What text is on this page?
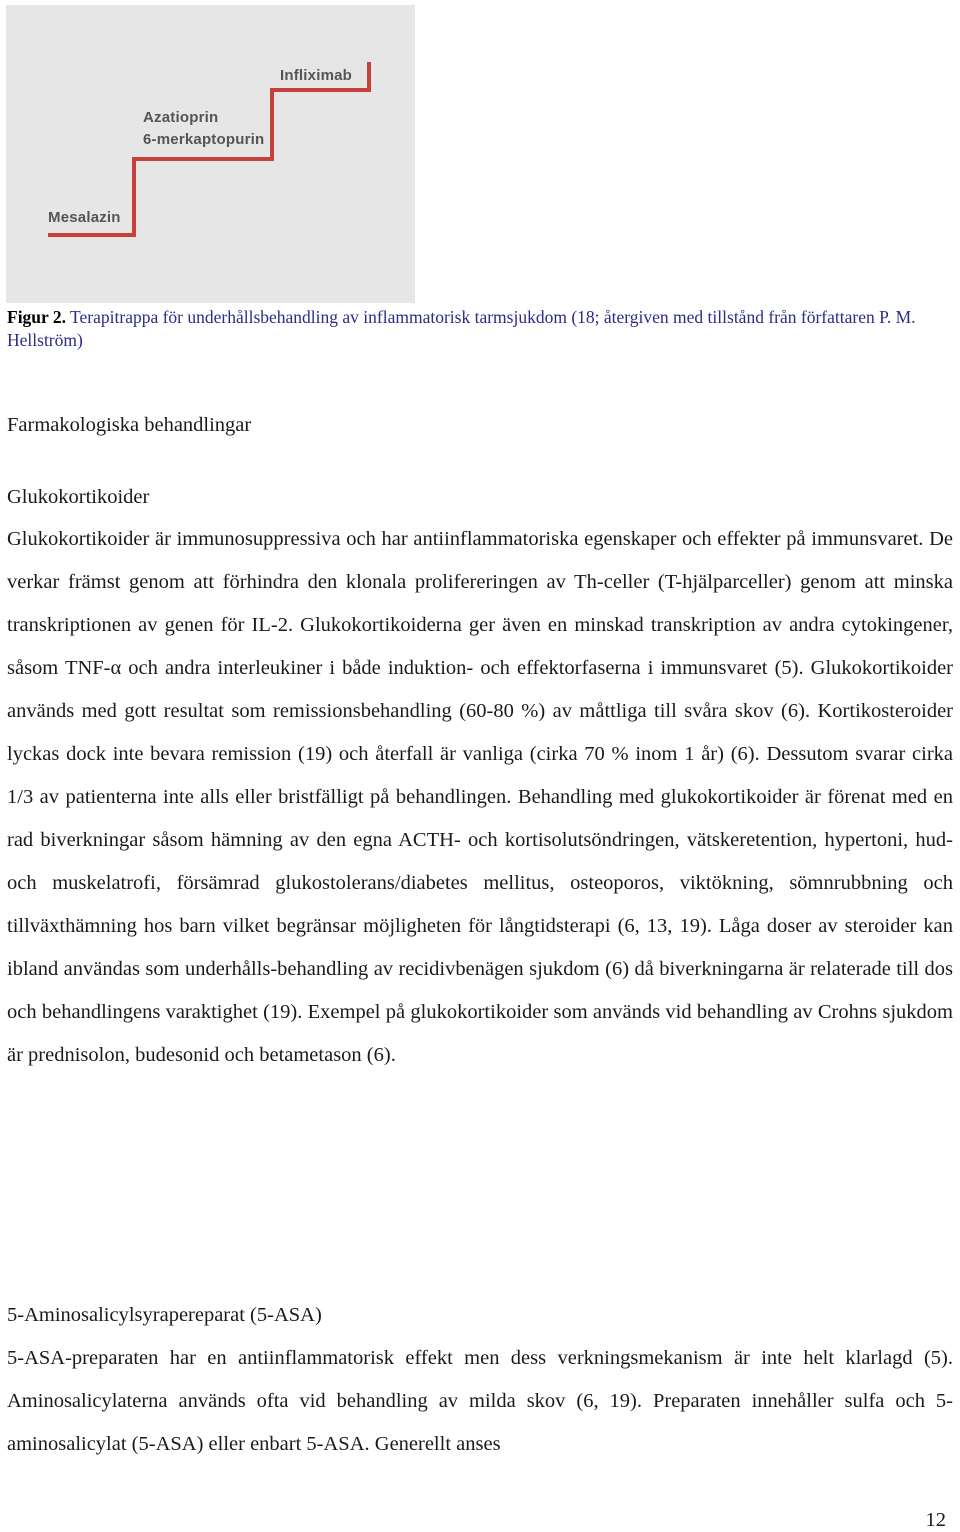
Infliximab
Azatioprin
6-merkaptopurin
Mesalazin
Figur 2. Terapitrappa för underhållsbehandling av inflammatorisk tarmsjukdom (18; återgiven med tillstånd från författaren P. M. Hellström)
Farmakologiska behandlingar
Glukokortikoider

Glukokortikoider är immunosuppressiva och har antiinflammatoriska egenskaper och effekter på immunsvaret. De verkar främst genom att förhindra den klonala prolifereringen av Th-celler (T-hjälparceller) genom att minska transkriptionen av genen för IL-2. Glukokortikoiderna ger även en minskad transkription av andra cytokingener, såsom TNF-α och andra interleukiner i både induktion- och effektorfaserna i immunsvaret (5). Glukokortikoider används med gott resultat som remissionsbehandling (60-80 %) av måttliga till svåra skov (6). Kortikosteroider lyckas dock inte bevara remission (19) och återfall är vanliga (cirka 70 % inom 1 år) (6). Dessutom svarar cirka 1/3 av patienterna inte alls eller bristfälligt på behandlingen. Behandling med glukokortikoider är förenat med en rad biverkningar såsom hämning av den egna ACTH- och kortisolutsöndringen, vätskeretention, hypertoni, hud- och muskelatrofi, försämrad glukostolerans/diabetes mellitus, osteoporos, viktökning, sömnrubbning och tillväxthämning hos barn vilket begränsar möjligheten för långtidsterapi (6, 13, 19). Låga doser av steroider kan ibland användas som underhålls-behandling av recidivbenägen sjukdom (6) då biverkningarna är relaterade till dos och behandlingens varaktighet (19). Exempel på glukokortikoider som används vid behandling av Crohns sjukdom är prednisolon, budesonid och betametason (6).

5-Aminosalicylsyrapereparat (5-ASA)

5-ASA-preparaten har en antiinflammatorisk effekt men dess verkningsmekanism är inte helt klarlagd (5). Aminosalicylaterna används ofta vid behandling av milda skov (6, 19). Preparaten innehåller sulfa och 5-aminosalicylat (5-ASA) eller enbart 5-ASA. Generellt anses

12
